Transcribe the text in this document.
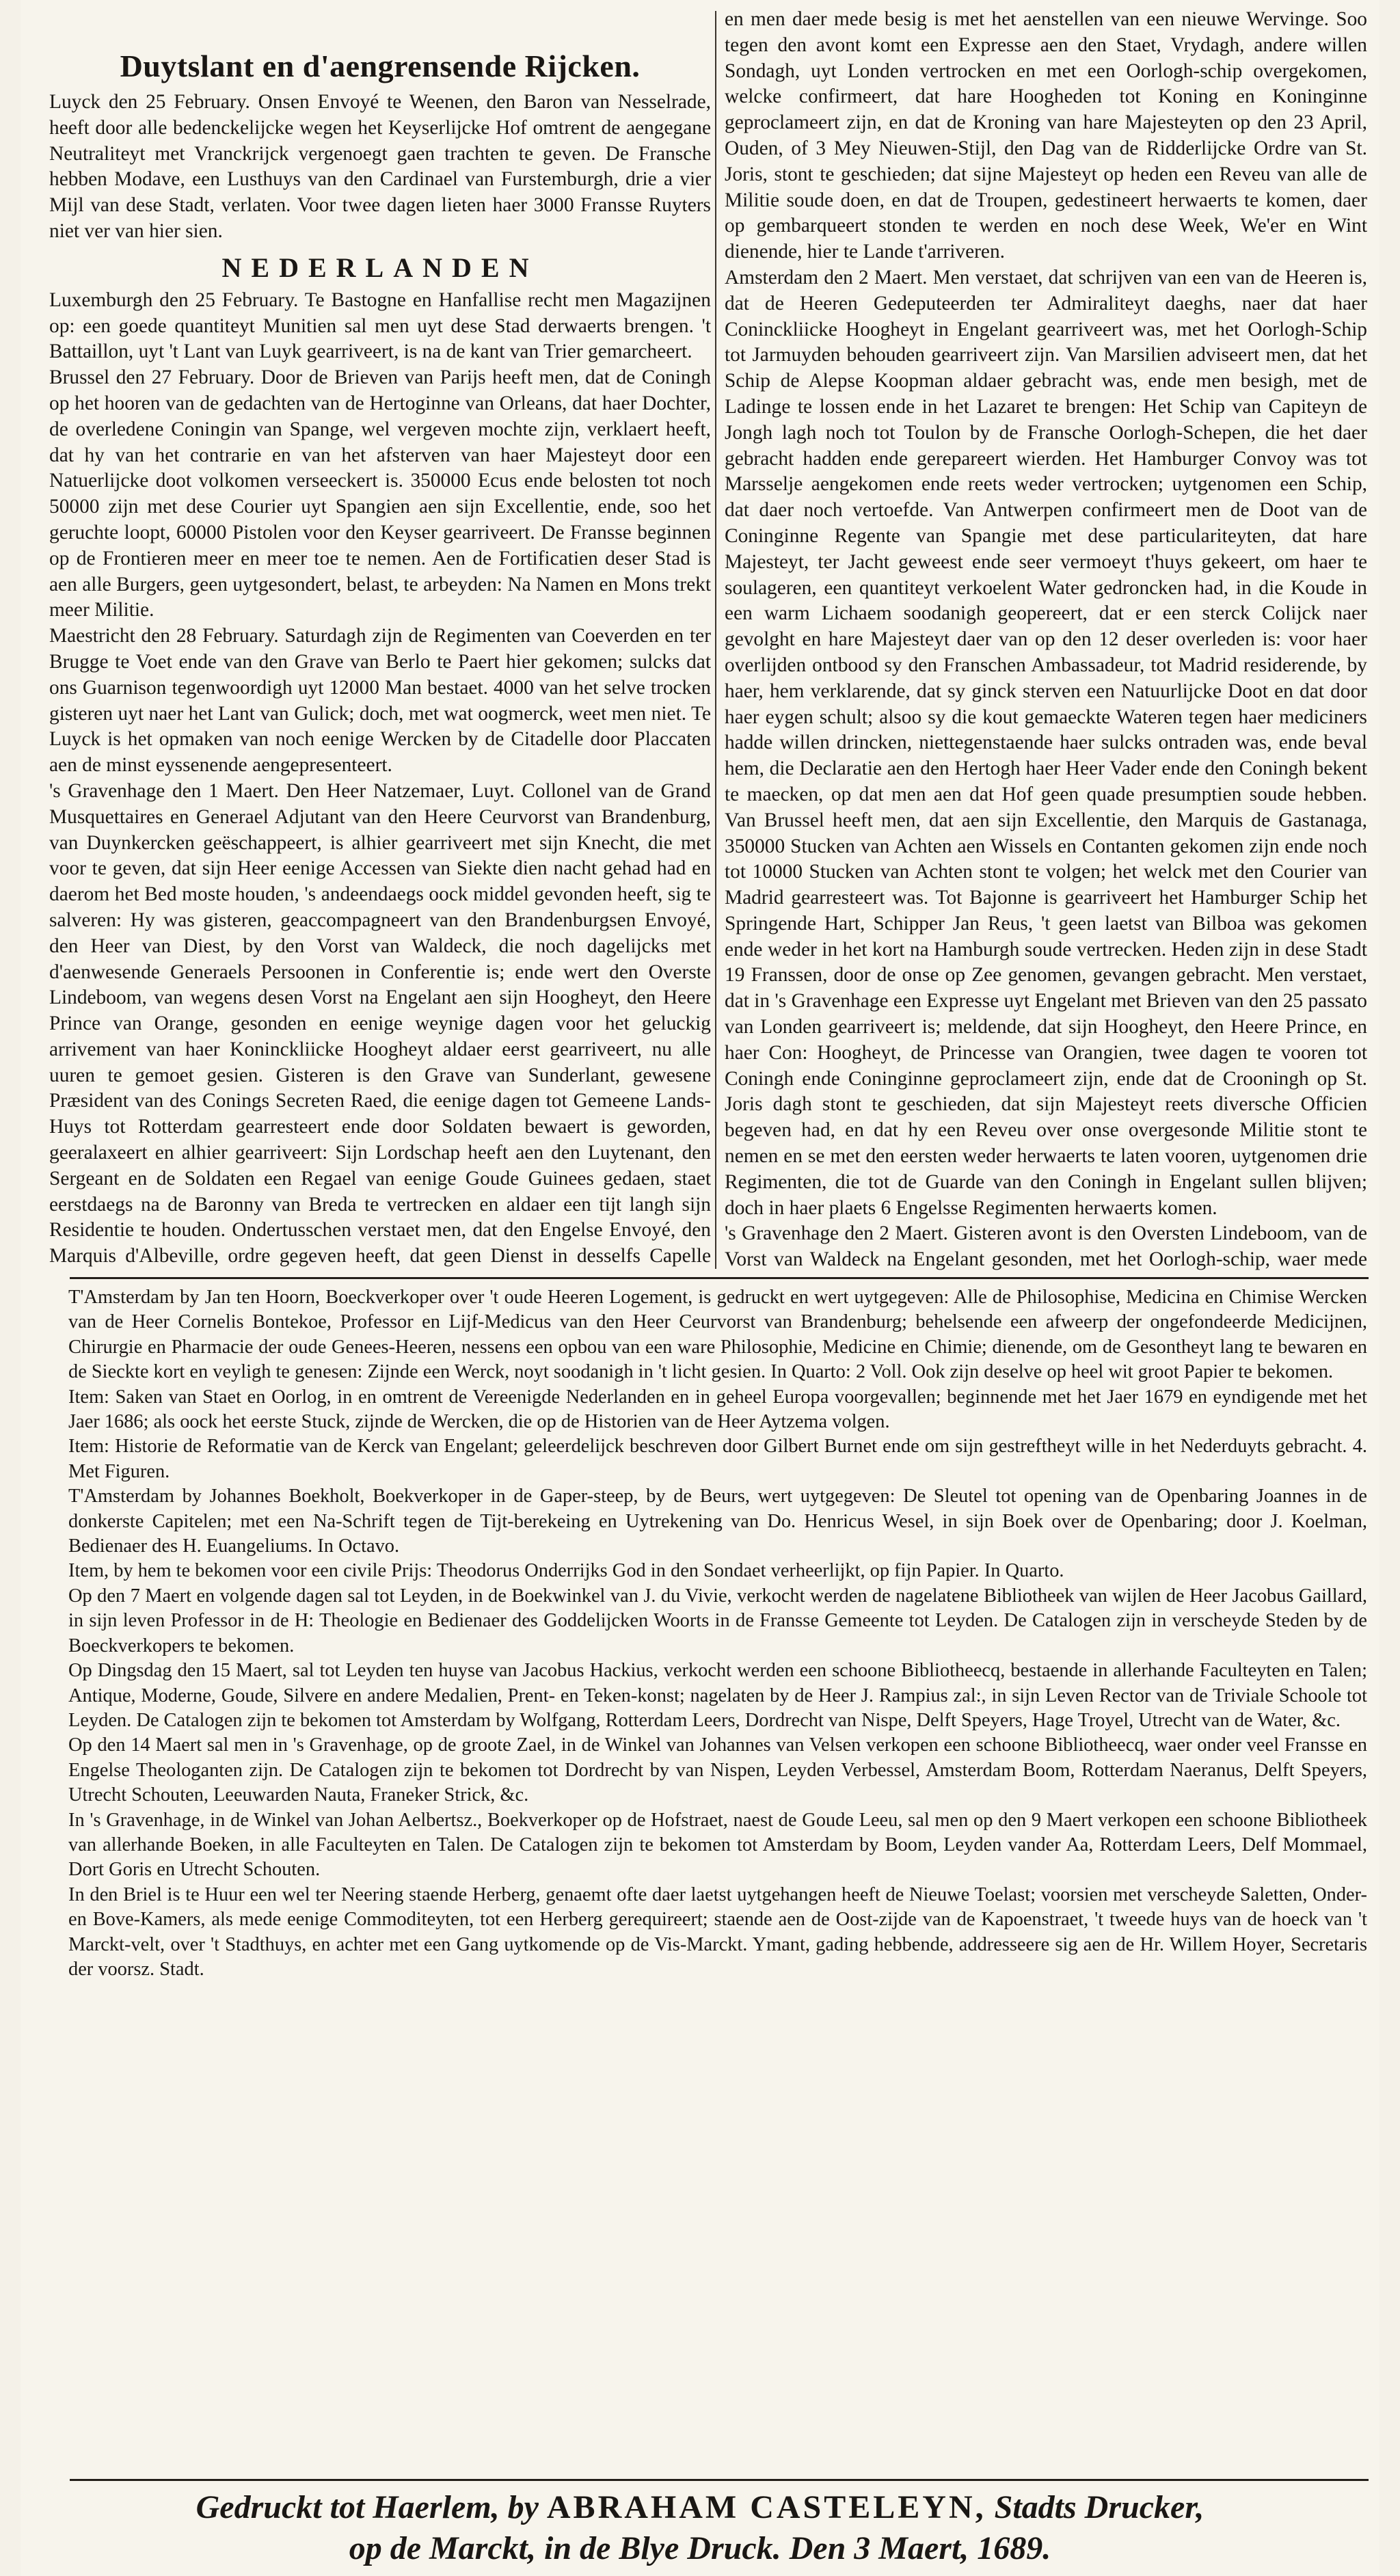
Duytslant en d'aengrensende Rijcken.

Luyck den 25 February. Onsen Envoyé te Weenen, den Baron van Nesselrade, heeft door alle bedenckelijcke wegen het Keyserlijcke Hof omtrent de aengegane Neutraliteyt met Vranckrijck vergenoegt gaen trachten te geven. De Fransche hebben Modave, een Lusthuys van den Cardinael van Furstemburgh, drie a vier Mijl van dese Stadt, verlaten. Voor twee dagen lieten haer 3000 Fransse Ruyters niet ver van hier sien.

NEDERLANDEN

Luxemburgh den 25 February. Te Bastogne en Hanfallise recht men Magazijnen op: een goede quantiteyt Munitien sal men uyt dese Stad derwaerts brengen. 't Battaillon, uyt 't Lant van Luyk gearriveert, is na de kant van Trier gemarcheert.

Brussel den 27 February. Door de Brieven van Parijs heeft men, dat de Coningh op het hooren van de gedachten van de Hertoginne van Orleans, dat haer Dochter, de overledene Coningin van Spange, wel vergeven mochte zijn, verklaert heeft, dat hy van het contrarie en van het afsterven van haer Majesteyt door een Natuerlijcke doot volkomen verseeckert is. 350000 Ecus ende belosten tot noch 50000 zijn met dese Courier uyt Spangien aen sijn Excellentie, ende, soo het geruchte loopt, 60000 Pistolen voor den Keyser gearriveert. De Fransse beginnen op de Frontieren meer en meer toe te nemen. Aen de Fortificatien deser Stad is aen alle Burgers, geen uytgesondert, belast, te arbeyden: Na Namen en Mons trekt meer Militie.

Maestricht den 28 February. Saturdagh zijn de Regimenten van Coeverden en ter Brugge te Voet ende van den Grave van Berlo te Paert hier gekomen; sulcks dat ons Guarnison tegenwoordigh uyt 12000 Man bestaet. 4000 van het selve trocken gisteren uyt naer het Lant van Gulick; doch, met wat oogmerck, weet men niet. Te Luyck is het opmaken van noch eenige Wercken by de Citadelle door Placcaten aen de minst eyssenende aengepresenteert.

's Gravenhage den 1 Maert. Den Heer Natzemaer, Luyt. Collonel van de Grand Musquettaires en Generael Adjutant van den Heere Ceurvorst van Brandenburg, van Duynkercken geëschappeert, is alhier gearriveert met sijn Knecht, die met voor te geven, dat sijn Heer eenige Accessen van Siekte dien nacht gehad had en daerom het Bed moste houden, 's andeendaegs oock middel gevonden heeft, sig te salveren: Hy was gisteren, geaccompagneert van den Brandenburgsen Envoyé, den Heer van Diest, by den Vorst van Waldeck, die noch dagelijcks met d'aenwesende Generaels Persoonen in Conferentie is; ende wert den Overste Lindeboom, van wegens desen Vorst na Engelant aen sijn Hoogheyt, den Heere Prince van Orange, gesonden en eenige weynige dagen voor het geluckig arrivement van haer Koninckliicke Hoogheyt aldaer eerst gearriveert, nu alle uuren te gemoet gesien. Gisteren is den Grave van Sunderlant, gewesene Præsident van des Conings Secreten Raed, die eenige dagen tot Gemeene Lands-Huys tot Rotterdam gearresteert ende door Soldaten bewaert is geworden, geeralaxeert en alhier gearriveert: Sijn Lordschap heeft aen den Luytenant, den Sergeant en de Soldaten een Regael van eenige Goude Guinees gedaen, staet eerstdaegs na de Baronny van Breda te vertrecken en aldaer een tijt langh sijn Residentie te houden. Ondertusschen verstaet men, dat den Engelse Envoyé, den Marquis d'Albeville, ordre gegeven heeft, dat geen Dienst in desselfs Capelle

en men daer mede besig is met het aenstellen van een nieuwe Wervinge. Soo tegen den avont komt een Expresse aen den Staet, Vrydagh, andere willen Sondagh, uyt Londen vertrocken en met een Oorlogh-schip overgekomen, welcke confirmeert, dat hare Hoogheden tot Koning en Koninginne geproclameert zijn, en dat de Kroning van hare Majesteyten op den 23 April, Ouden, of 3 Mey Nieuwen-Stijl, den Dag van de Ridderlijcke Ordre van St. Joris, stont te geschieden; dat sijne Majesteyt op heden een Reveu van alle de Militie soude doen, en dat de Troupen, gedestineert herwaerts te komen, daer op gembarqueert stonden te werden en noch dese Week, We'er en Wint dienende, hier te Lande t'arriveren.

Amsterdam den 2 Maert. Men verstaet, dat schrijven van een van de Heeren is, dat de Heeren Gedeputeerden ter Admiraliteyt daeghs, naer dat haer Coninckliicke Hoogheyt in Engelant gearriveert was, met het Oorlogh-Schip tot Jarmuyden behouden gearriveert zijn. Van Marsilien adviseert men, dat het Schip de Alepse Koopman aldaer gebracht was, ende men besigh, met de Ladinge te lossen ende in het Lazaret te brengen: Het Schip van Capiteyn de Jongh lagh noch tot Toulon by de Fransche Oorlogh-Schepen, die het daer gebracht hadden ende gerepareert wierden. Het Hamburger Convoy was tot Marsselje aengekomen ende reets weder vertrocken; uytgenomen een Schip, dat daer noch vertoefde. Van Antwerpen confirmeert men de Doot van de Coninginne Regente van Spangie met dese particulariteyten, dat hare Majesteyt, ter Jacht geweest ende seer vermoeyt t'huys gekeert, om haer te soulageren, een quantiteyt verkoelent Water gedroncken had, in die Koude in een warm Lichaem soodanigh geopereert, dat er een sterck Colijck naer gevolght en hare Majesteyt daer van op den 12 deser overleden is: voor haer overlijden ontbood sy den Franschen Ambassadeur, tot Madrid residerende, by haer, hem verklarende, dat sy ginck sterven een Natuurlijcke Doot en dat door haer eygen schult; alsoo sy die kout gemaeckte Wateren tegen haer mediciners hadde willen drincken, niettegenstaende haer sulcks ontraden was, ende beval hem, die Declaratie aen den Hertogh haer Heer Vader ende den Coningh bekent te maecken, op dat men aen dat Hof geen quade presumptien soude hebben. Van Brussel heeft men, dat aen sijn Excellentie, den Marquis de Gastanaga, 350000 Stucken van Achten aen Wissels en Contanten gekomen zijn ende noch tot 10000 Stucken van Achten stont te volgen; het welck met den Courier van Madrid gearresteert was. Tot Bajonne is gearriveert het Hamburger Schip het Springende Hart, Schipper Jan Reus, 't geen laetst van Bilboa was gekomen ende weder in het kort na Hamburgh soude vertrecken. Heden zijn in dese Stadt 19 Franssen, door de onse op Zee genomen, gevangen gebracht. Men verstaet, dat in 's Gravenhage een Expresse uyt Engelant met Brieven van den 25 passato van Londen gearriveert is; meldende, dat sijn Hoogheyt, den Heere Prince, en haer Con: Hoogheyt, de Princesse van Orangien, twee dagen te vooren tot Coningh ende Coninginne geproclameert zijn, ende dat de Crooningh op St. Joris dagh stont te geschieden, dat sijn Majesteyt reets diversche Officien begeven had, en dat hy een Reveu over onse overgesonde Militie stont te nemen en se met den eersten weder herwaerts te laten vooren, uytgenomen drie Regimenten, die tot de Guarde van den Coningh in Engelant sullen blijven; doch in haer plaets 6 Engelsse Regimenten herwaerts komen.

's Gravenhage den 2 Maert. Gisteren avont is den Oversten Lindeboom, van de Vorst van Waldeck na Engelant gesonden, met het Oorlogh-schip, waer mede

T'Amsterdam by Jan ten Hoorn, Boeckverkoper over 't oude Heeren Logement, is gedruckt en wert uytgegeven: Alle de Philosophise, Medicina en Chimise Wercken van de Heer Cornelis Bontekoe, Professor en Lijf-Medicus van den Heer Ceurvorst van Brandenburg; behelsende een afweerp der ongefondeerde Medicijnen, Chirurgie en Pharmacie der oude Genees-Heeren, nessens een opbou van een ware Philosophie, Medicine en Chimie; dienende, om de Gesontheyt lang te bewaren en de Sieckte kort en veyligh te genesen: Zijnde een Werck, noyt soodanigh in 't licht gesien. In Quarto: 2 Voll. Ook zijn deselve op heel wit groot Papier te bekomen.

Item: Saken van Staet en Oorlog, in en omtrent de Vereenigde Nederlanden en in geheel Europa voorgevallen; beginnende met het Jaer 1679 en eyndigende met het Jaer 1686; als oock het eerste Stuck, zijnde de Wercken, die op de Historien van de Heer Aytzema volgen.

Item: Historie de Reformatie van de Kerck van Engelant; geleerdelijck beschreven door Gilbert Burnet ende om sijn gestreftheyt wille in het Nederduyts gebracht. 4. Met Figuren.

T'Amsterdam by Johannes Boekholt, Boekverkoper in de Gaper-steep, by de Beurs, wert uytgegeven: De Sleutel tot opening van de Openbaring Joannes in de donkerste Capitelen; met een Na-Schrift tegen de Tijt-berekeing en Uytrekening van Do. Henricus Wesel, in sijn Boek over de Openbaring; door J. Koelman, Bedienaer des H. Euangeliums. In Octavo.

Item, by hem te bekomen voor een civile Prijs: Theodorus Onderrijks God in den Sondaet verheerlijkt, op fijn Papier. In Quarto.

Op den 7 Maert en volgende dagen sal tot Leyden, in de Boekwinkel van J. du Vivie, verkocht werden de nagelatene Bibliotheek van wijlen de Heer Jacobus Gaillard, in sijn leven Professor in de H: Theologie en Bedienaer des Goddelijcken Woorts in de Fransse Gemeente tot Leyden. De Catalogen zijn in verscheyde Steden by de Boeckverkopers te bekomen.

Op Dingsdag den 15 Maert, sal tot Leyden ten huyse van Jacobus Hackius, verkocht werden een schoone Bibliotheecq, bestaende in allerhande Faculteyten en Talen; Antique, Moderne, Goude, Silvere en andere Medalien, Prent- en Teken-konst; nagelaten by de Heer J. Rampius zal:, in sijn Leven Rector van de Triviale Schoole tot Leyden. De Catalogen zijn te bekomen tot Amsterdam by Wolfgang, Rotterdam Leers, Dordrecht van Nispe, Delft Speyers, Hage Troyel, Utrecht van de Water, &c.

Op den 14 Maert sal men in 's Gravenhage, op de groote Zael, in de Winkel van Johannes van Velsen verkopen een schoone Bibliotheecq, waer onder veel Fransse en Engelse Theologanten zijn. De Catalogen zijn te bekomen tot Dordrecht by van Nispen, Leyden Verbessel, Amsterdam Boom, Rotterdam Naeranus, Delft Speyers, Utrecht Schouten, Leeuwarden Nauta, Franeker Strick, &c.

In 's Gravenhage, in de Winkel van Johan Aelbertsz., Boekverkoper op de Hofstraet, naest de Goude Leeu, sal men op den 9 Maert verkopen een schoone Bibliotheek van allerhande Boeken, in alle Faculteyten en Talen. De Catalogen zijn te bekomen tot Amsterdam by Boom, Leyden vander Aa, Rotterdam Leers, Delf Mommael, Dort Goris en Utrecht Schouten.

In den Briel is te Huur een wel ter Neering staende Herberg, genaemt ofte daer laetst uytgehangen heeft de Nieuwe Toelast; voorsien met verscheyde Saletten, Onder- en Bove-Kamers, als mede eenige Commoditeyten, tot een Herberg gerequireert; staende aen de Oost-zijde van de Kapoenstraet, 't tweede huys van de hoeck van 't Marckt-velt, over 't Stadthuys, en achter met een Gang uytkomende op de Vis-Marckt. Ymant, gading hebbende, addresseere sig aen de Hr. Willem Hoyer, Secretaris der voorsz. Stadt.

Gedruckt tot Haerlem, by ABRAHAM CASTELEYN, Stadts Drucker,
op de Marckt, in de Blye Druck. Den 3 Maert, 1689.
